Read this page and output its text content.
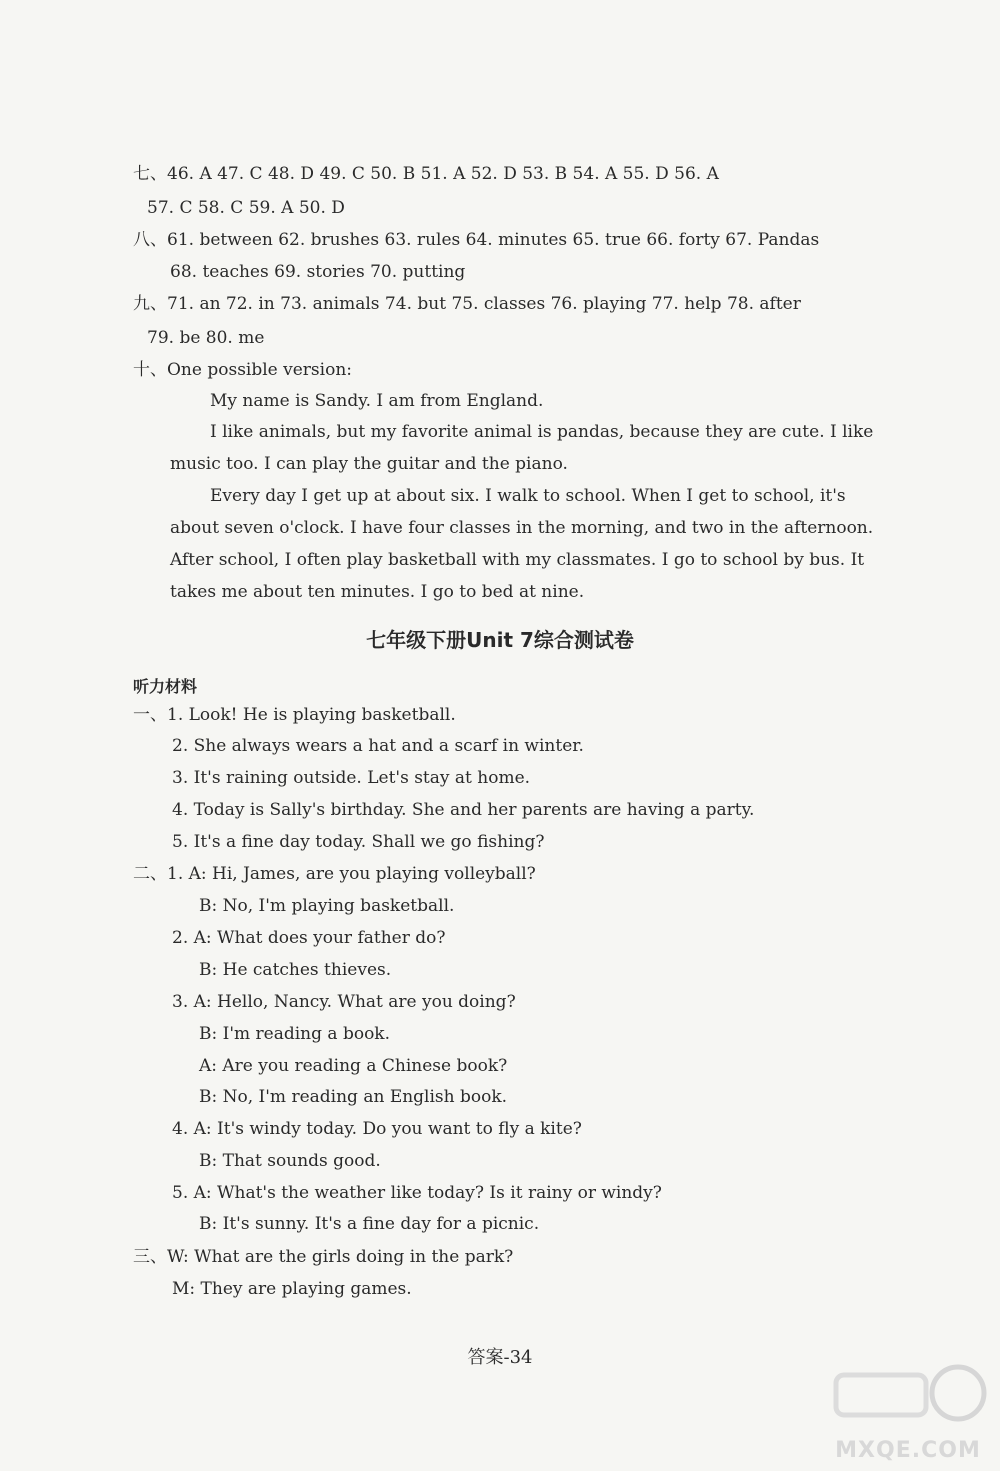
七、46. A 47. C 48. D 49. C 50. B 51. A 52. D 53. B 54. A 55. D 56. A
57. C 58. C 59. A 50. D
八、61. between 62. brushes 63. rules 64. minutes 65. true 66. forty 67. Pandas
68. teaches 69. stories 70. putting
九、71. an 72. in 73. animals 74. but 75. classes 76. playing 77. help 78. after
79. be 80. me
十、One possible version:
My name is Sandy. I am from England.
I like animals, but my favorite animal is pandas, because they are cute. I like
music too. I can play the guitar and the piano.
Every day I get up at about six. I walk to school. When I get to school, it's
about seven o'clock. I have four classes in the morning, and two in the afternoon.
After school, I often play basketball with my classmates. I go to school by bus. It
takes me about ten minutes. I go to bed at nine.
七年级下册Unit 7综合测试卷
听力材料
一、1. Look! He is playing basketball.
2. She always wears a hat and a scarf in winter.
3. It's raining outside. Let's stay at home.
4. Today is Sally's birthday. She and her parents are having a party.
5. It's a fine day today. Shall we go fishing?
二、1. A: Hi, James, are you playing volleyball?
B: No, I'm playing basketball.
2. A: What does your father do?
B: He catches thieves.
3. A: Hello, Nancy. What are you doing?
B: I'm reading a book.
A: Are you reading a Chinese book?
B: No, I'm reading an English book.
4. A: It's windy today. Do you want to fly a kite?
B: That sounds good.
5. A: What's the weather like today? Is it rainy or windy?
B: It's sunny. It's a fine day for a picnic.
三、W: What are the girls doing in the park?
M: They are playing games.
答案-34
MXQE.COM
